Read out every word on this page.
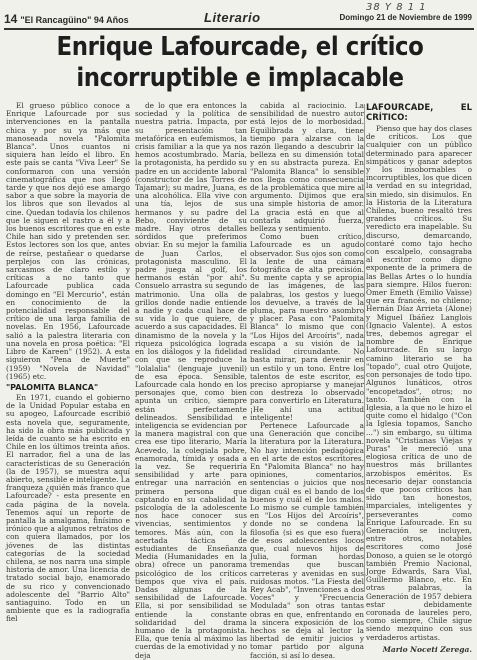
38 Y 8 1 1
14 "El Rancagüino" 94 Años	Literario	Domingo 21 de Noviembre de 1999
Enrique Lafourcade, el crítico
incorruptible e implacable

El grueso público conoce a Enrique Lafourcade por sus intervenciones en la pantalla chica y por su ya más que manoseada novela "Palomita Blanca". Unos cuantos ni siquiera han leído el libro. En este país se canta "Viva Leer" Se conformaron con una versión cinematográfica que nos llegó tarde y que nos dejó ese amargo sabor a que sobre la mayoría de los libros que son llevados al cine. Quedan todavía los chilenos que le siguen el rastro a él y a los buenos escritores que en este Chile han sido y pretenden ser. Estos lectores son los que, antes de reírse, pestañear o quedarse perplejos con las crónicas, sarcasmos de claro estilo y críticas a no tanto que Lafourcade publica cada domingo en "El Mercurio", están en conocimiento de la potencialidad responsable del crítico de una larga familia de novelas. En 1956, Lafourcade salió a la palestra literaria con una novela en prosa poética: "El Libro de Kareen" (1952). A esta siguieron "Pena de Muerte" (1959) "Novela de Navidad" (1965) etc.

"PALOMITA BLANCA"

En 1971, cuando el gobierno de la Unidad Popular estaba en su apogeo, Lafourcade escribió esta novela que, seguramente, ha sido la obra más publicada y leída de cuanto se ha escrito en Chile en los últimos treinta años. El narrador, fiel a una de las características de su Generación (la de 1957), se muestra aquí abierto, sensible e inteligente. La franqueza ¿quién más franco que Lafourcade? - esta presente en cada página de la novela. Tenemos aquí un reporte de pantalla la amalgama, finísimo e irónico que a algunos retratos de con quiera llamados, por los jóvenes de las distintas categorías de la sociedad chilena, se nos narra una simple historia de amor. Una licencia de tratado social bajo, enamorado de su rico y convencionado adolescente del "Barrio Alto" santiaguino. Todo en un ambiente que es la radiografía fiel

de lo que era entonces la sociedad y la política de nuestra patria. Impacta, por su presentación tan metafórica en eufemismos, la crisis familiar a la que ya nos hemos acostumbrado. María, la protagonista, ha perdido su padre en un accidente laboral (constructor de las Torres de Tajamar); su madre, Juana, es una alcohólica. Ella vive con una tía, lejos de sus hermanos y su padre del Bebo, conviviente de su madre. Hay otros detalles sórdidos que preferimos obviar. En su mejor la familia de Juan Carlos, el protagonista masculino. El padre juega al golf, los hermanos están "por ahí". Consuelo arrastra su segundo matrimonio. Una olla de grillos donde nadie entiende a nadie y cada cual hace de su vida lo que quiere, de acuerdo a sus capacidades. El dinamismo de la novela y la riqueza psicológica lograda en los diálogos y la fidelidad con que se reproduce la "lolalalia" (lenguaje juvenil) de esa época. Sensible, Lafourcade cala hondo en los personajes que, como bien apunta un crítico, siempre están perfectamente delineados. Sensibilidad e inteligencia se evidencian por la manera magistral con que crea ese tipo literario, María Acevedo, la colegiala pobre, enamorada, tímida y osada a la vez. Se requeriría sensibilidad y arte para entregar una narración en primera persona que captando en su cabalidad la psicología de la adolescente nos hace conocer sus vivencias, sentimientos y temores. Más aún, con la acertada táctica de estudiantes de Enseñanza Media (Humanidades en la obra) ofrece un panorama psicológico de los críticos tiempos que viva el país. Dadas algunas de la sensibilidad de Lafourcade. Ella, si por sensibilidad se entiende la constante solidaridad del drama humano de la protagonista. Ella, que tenía al máximo las cuerdas de la emotividad y no deja

cabida al raciocinio. La sensibilidad de nuestro autor está lejos de lo morbosidad. Equilibrada y clara, tiene tiempo para alzarse con la razón llegando a descubrir la belleza en su dimensión total y en su abstracta pureza. En "Palomita Blanca" lo sensible nos llega como consecuencia de la problemática que mire al argumento. Dijimos que era una simple historia de amor. La gracia está en que al contarla adquirió fuerza, belleza y sentimiento.

Como buen crítico, Lafourcade es un agudo observador. Sus ojos son como la lente de una cámara fotográfica de alta precisión. Su mente capta y se apropia de las imágenes, de las palabras, los gestos y luego los devuelve, a través de la pluma, para nuestro asombro y placer. Pasa con "Palomita Blanca" lo mismo que con "Los Hijos del Arcoíris", nada escapa a su visión de la realidad circundante. No basta mirar, para devenir en un estilo y un tono. Entre los talentos de este escritor, es preciso apropiarse y manejar con destreza lo observado para convertirlo en Literatura. ¡He ahí una actitud inteligente!

Pertenece Lafourcade a una Generación que concibe la literatura por la Literatura. No hay intención pedagógica en el arte de estos escritores. En "Palomita Blanca" no hay opiniones, comentarios, sentencias o juicios que nos digan cuál es el bando de los buenos y cuál el de los malos. Lo mismo se cumple también en "Los Hijos del Arcoíris", donde no se condena la filosofía (si es que eso fuera) de esos adolescentes locos que, cual nuevos hijos de Julia, forman hordas tremendas que buscan carreteras y avenidas en sus ruidosas motos. "La Fiesta del Rey Acab", "Invenciones a dos Voces" y "Frecuencia Modulada" son otras tantas obras en que, enfrentando en la sincera exposición de los hechos se deja al lector la libertad de emitir juicios y tomar partido por alguna facción, si así lo desea.

LAFOURCADE, EL CRÍTICO:

Pienso que hay dos clases de críticos. Los que cualquier con un público determinado para aparecer simpáticos y ganar adeptos y los insobornables o incorruptibles, los que dicen la verdad en su integridad, sin miedo, sin disimulos. En la Historia de la Literatura Chilena, bueno resaltó tres grandes críticos. Su veredicto era inapelable. Su discurso, demarcando, contaré como tajo hecho con escalpelo, consagraba al escritor como digno exponente de la primera de las Bellas Artes o lo hundía para siempre. Hilos fueron: Omer Emeth (Emilio Vaïsse) que era francés, no chileno; Hernán Díaz Arrieta (Alone) y Miguel Ibáñez Langlois (Ignacio Valente). A estos tres, debemos agregar el nombre de Enrique Lafourcade. En su largo camino literario se ha "topado", cual otro Quijote, con personajes de todo tipo. Algunos lunáticos, otros "encopetados", otros; no tanto. También con la Iglesia, a la que no le hizo el quite como el hidalgo ("Con la Iglesia topamos, Sancho ...") sin embargo, su última novela "Cristianas Viejas y Puras" le mereció una elogiosa crítica de uno de nuestros más brillantes arzobispos eméritos. Es necesario dejar constancia de que pocos críticos han sido tan honestos, imparciales, inteligentes y perseverantes como Enrique Lafourcade. En su Generación se incluyen, entre otros, notables escritores como José Donoso, a quien se le otorgó también Premio Nacional, Jorge Edwards, Sara Vial, Guillermo Blanco, etc. En otras palabras, la Generación de 1957 debiera estar debidamente coronada de laureles pero, como siempre, Chile sigue siendo mezquino con sus verdaderos artistas.

Mario Noceti Zerega.
